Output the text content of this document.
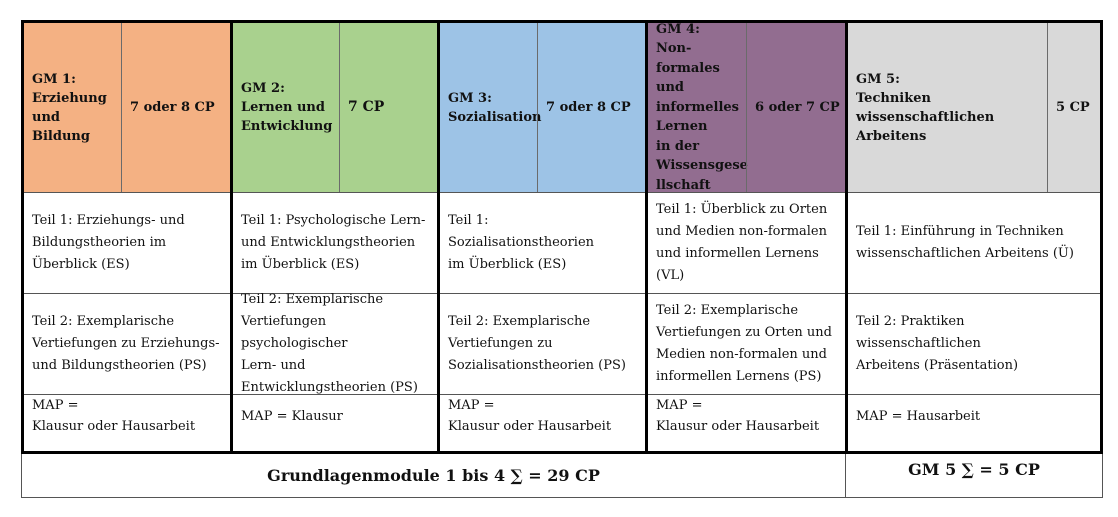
GM 1:
Erziehung
und Bildung
7 oder 8 CP
Teil 1: Erziehungs- und
Bildungstheorien im
Überblick (ES)
Teil 2: Exemplarische
Vertiefungen zu Erziehungs-
und Bildungstheorien (PS)
MAP =
Klausur oder Hausarbeit
GM 2:
Lernen und
Entwicklung
7 CP
Teil 1: Psychologische Lern-
und Entwicklungstheorien
im Überblick (ES)
Teil 2: Exemplarische
Vertiefungen psychologischer
Lern- und
Entwicklungstheorien (PS)
MAP = Klausur
GM 3:
Sozialisation
7 oder 8 CP
Teil 1: Sozialisationstheorien
im Überblick (ES)
Teil 2: Exemplarische
Vertiefungen zu
Sozialisationstheorien (PS)
MAP =
Klausur oder Hausarbeit
GM 4:
Non-
formales
und
informelles
Lernen
in der
Wissensgese
llschaft
6 oder 7 CP
Teil 1: Überblick zu Orten
und Medien non-formalen
und informellen Lernens
(VL)
Teil 2: Exemplarische
Vertiefungen zu Orten und
Medien non-formalen und
informellen Lernens (PS)
MAP =
Klausur oder Hausarbeit
GM 5:
Techniken
wissenschaftlichen
Arbeitens
5 CP
Teil 1: Einführung in Techniken
wissenschaftlichen Arbeitens (Ü)
Teil 2: Praktiken wissenschaftlichen
Arbeitens (Präsentation)
MAP = Hausarbeit
Grundlagenmodule 1 bis 4 ∑ = 29 CP	GM 5 ∑ = 5 CP
